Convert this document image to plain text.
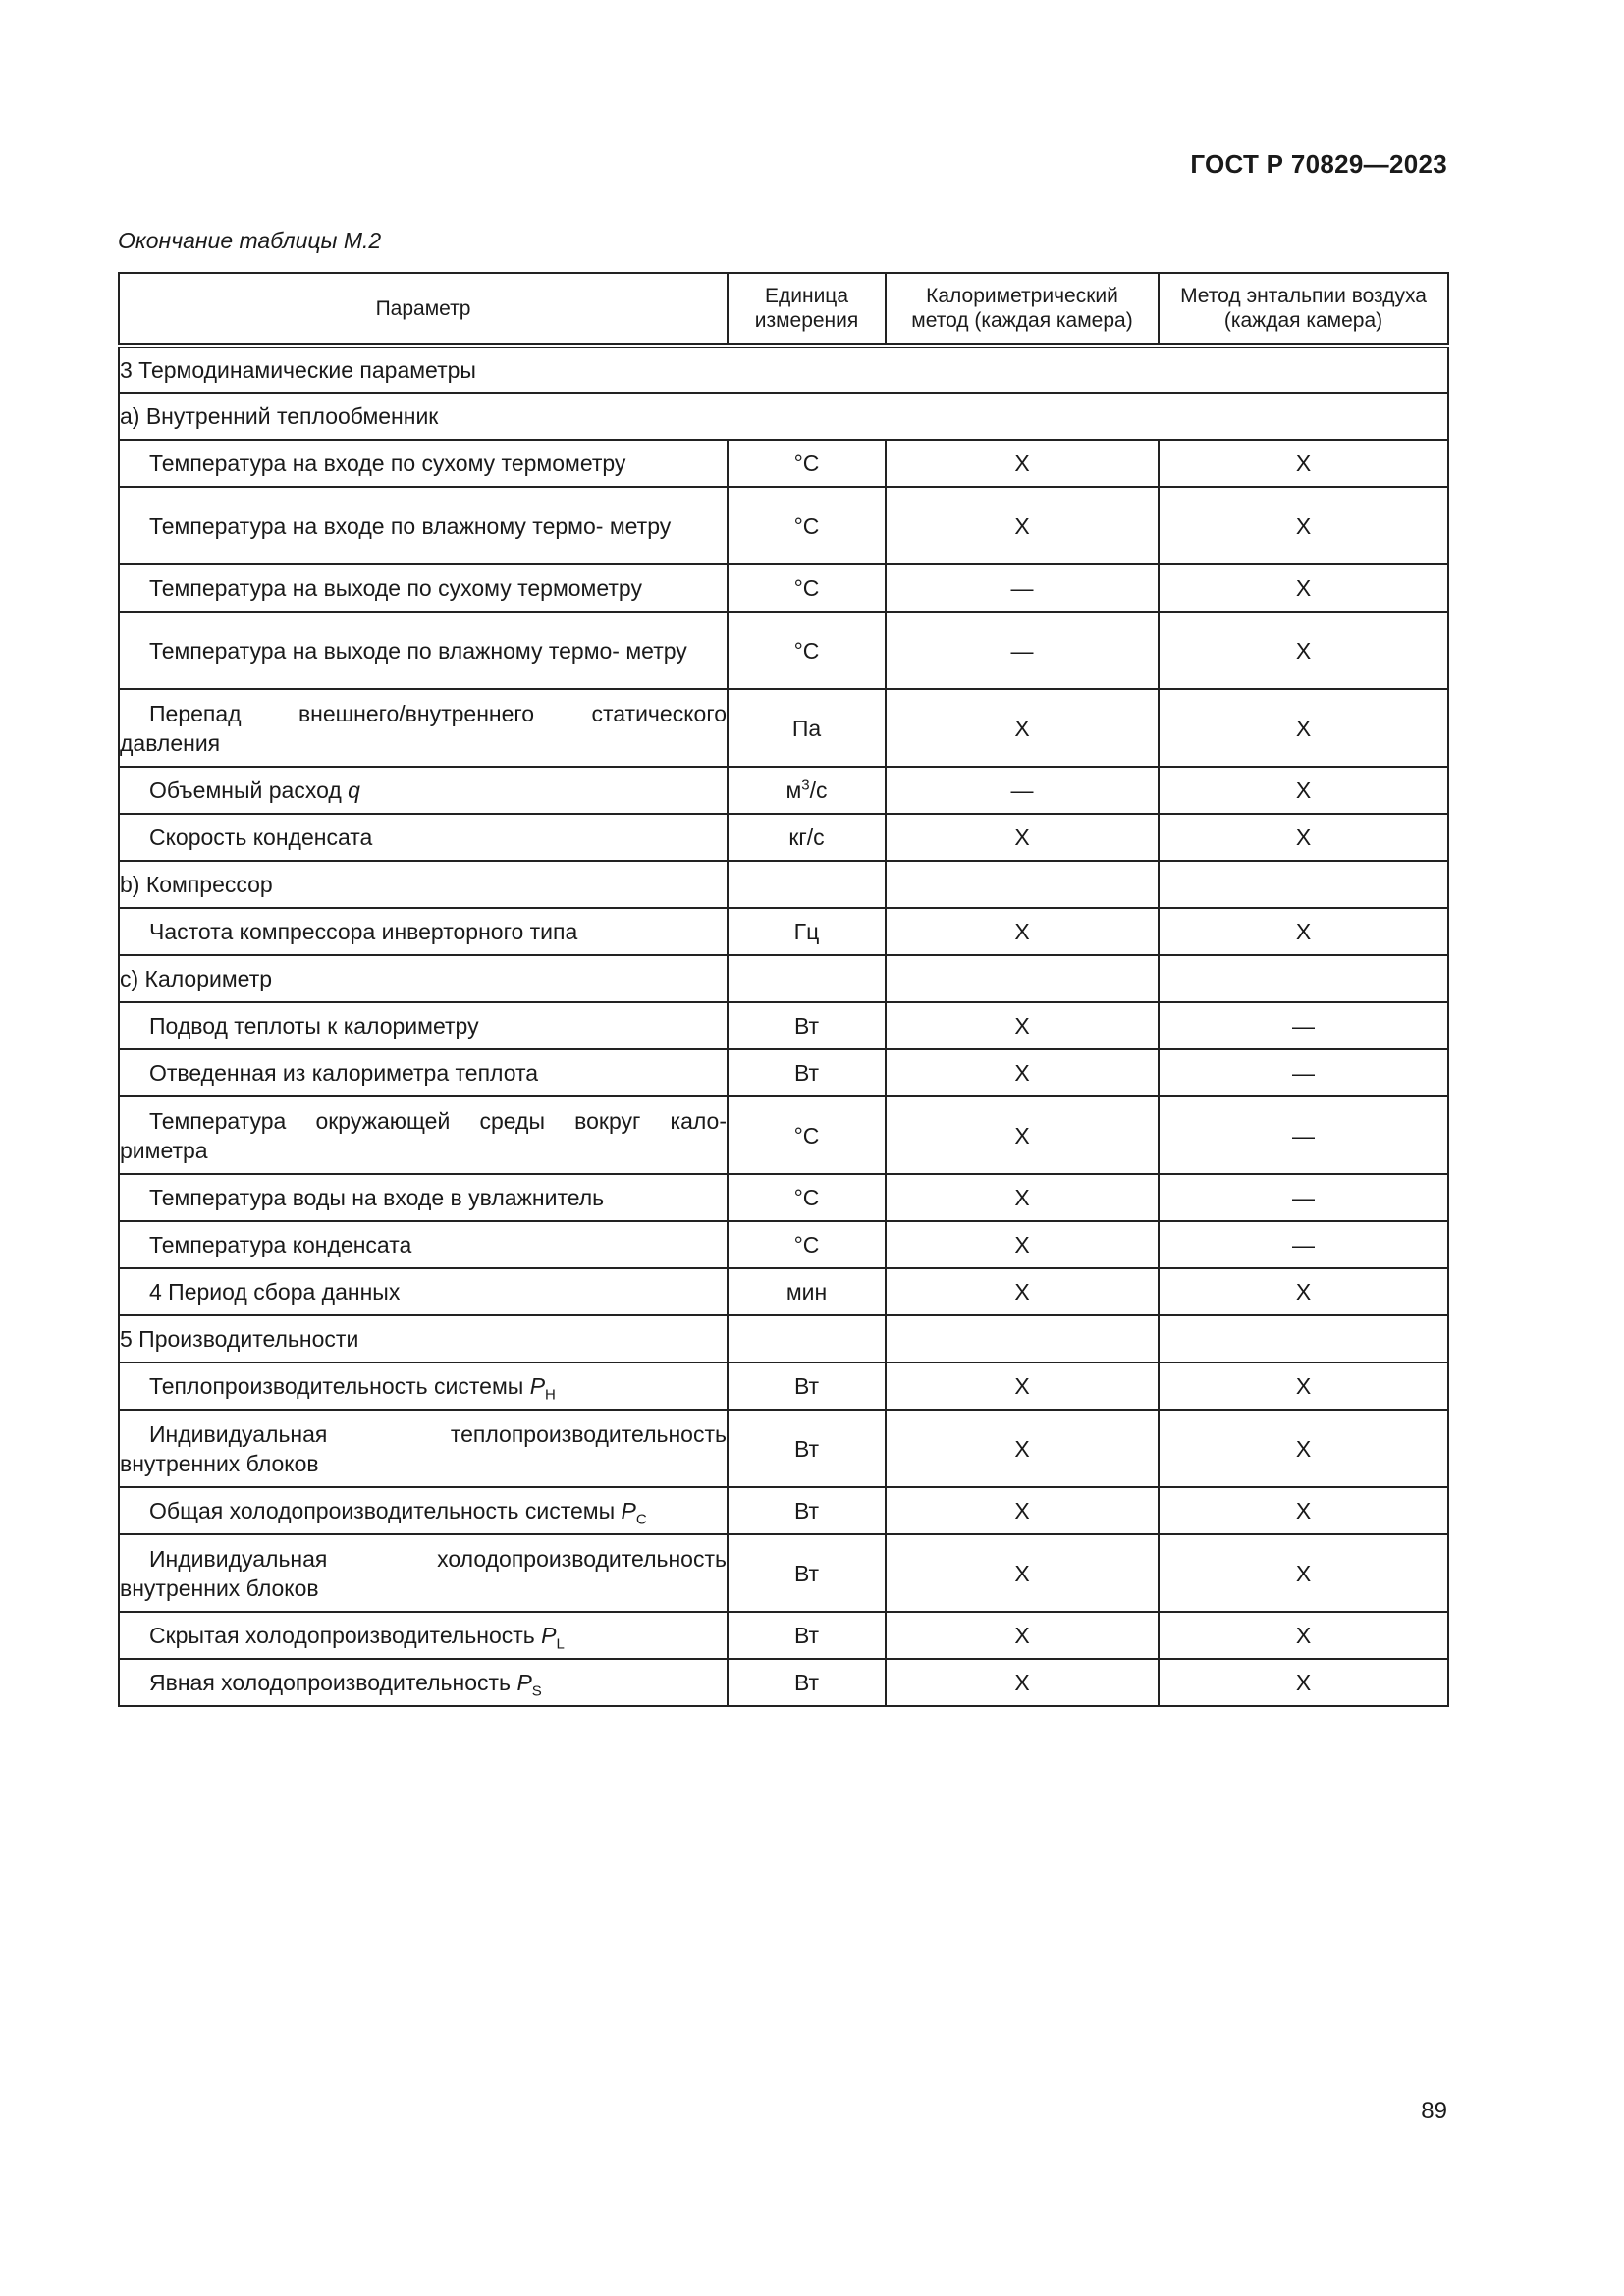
ГОСТ Р 70829—2023
Окончание таблицы М.2
Параметр	Единица измерения	Калориметрический метод (каждая камера)	Метод энтальпии воздуха (каждая камера)
3 Термодинамические параметры			
а) Внутренний теплообменник			
Температура на входе по сухому термометру	°С	X	X
Температура на входе по влажному термо- метру	°С	X	X
Температура на выходе по сухому термометру	°С	—	X
Температура на выходе по влажному термо- метру	°С	—	X
Перепад внешнего/внутреннего статического давления	Па	X	X
Объемный расход q	$м^3/с$	—	X
Скорость конденсата	кг/с	X	X
b) Компрессор			
Частота компрессора инверторного типа	Гц	X	X
c) Калориметр			
Подвод теплоты к калориметру	Вт	X	—
Отведенная из калориметра теплота	Вт	X	—
Температура окружающей среды вокруг кало- риметра	°С	X	—
Температура воды на входе в увлажнитель	°С	X	—
Температура конденсата	°С	X	—
4 Период сбора данных	мин	X	X
5 Производительности			
Теплопроизводительность системы $P_H$	Вт	X	X
Индивидуальная теплопроизводительность внутренних блоков	Вт	X	X
Общая холодопроизводительность системы $P_C$	Вт	X	X
Индивидуальная холодопроизводительность внутренних блоков	Вт	X	X
Скрытая холодопроизводительность $P_L$	Вт	X	X
Явная холодопроизводительность $P_S$	Вт	X	X
89
